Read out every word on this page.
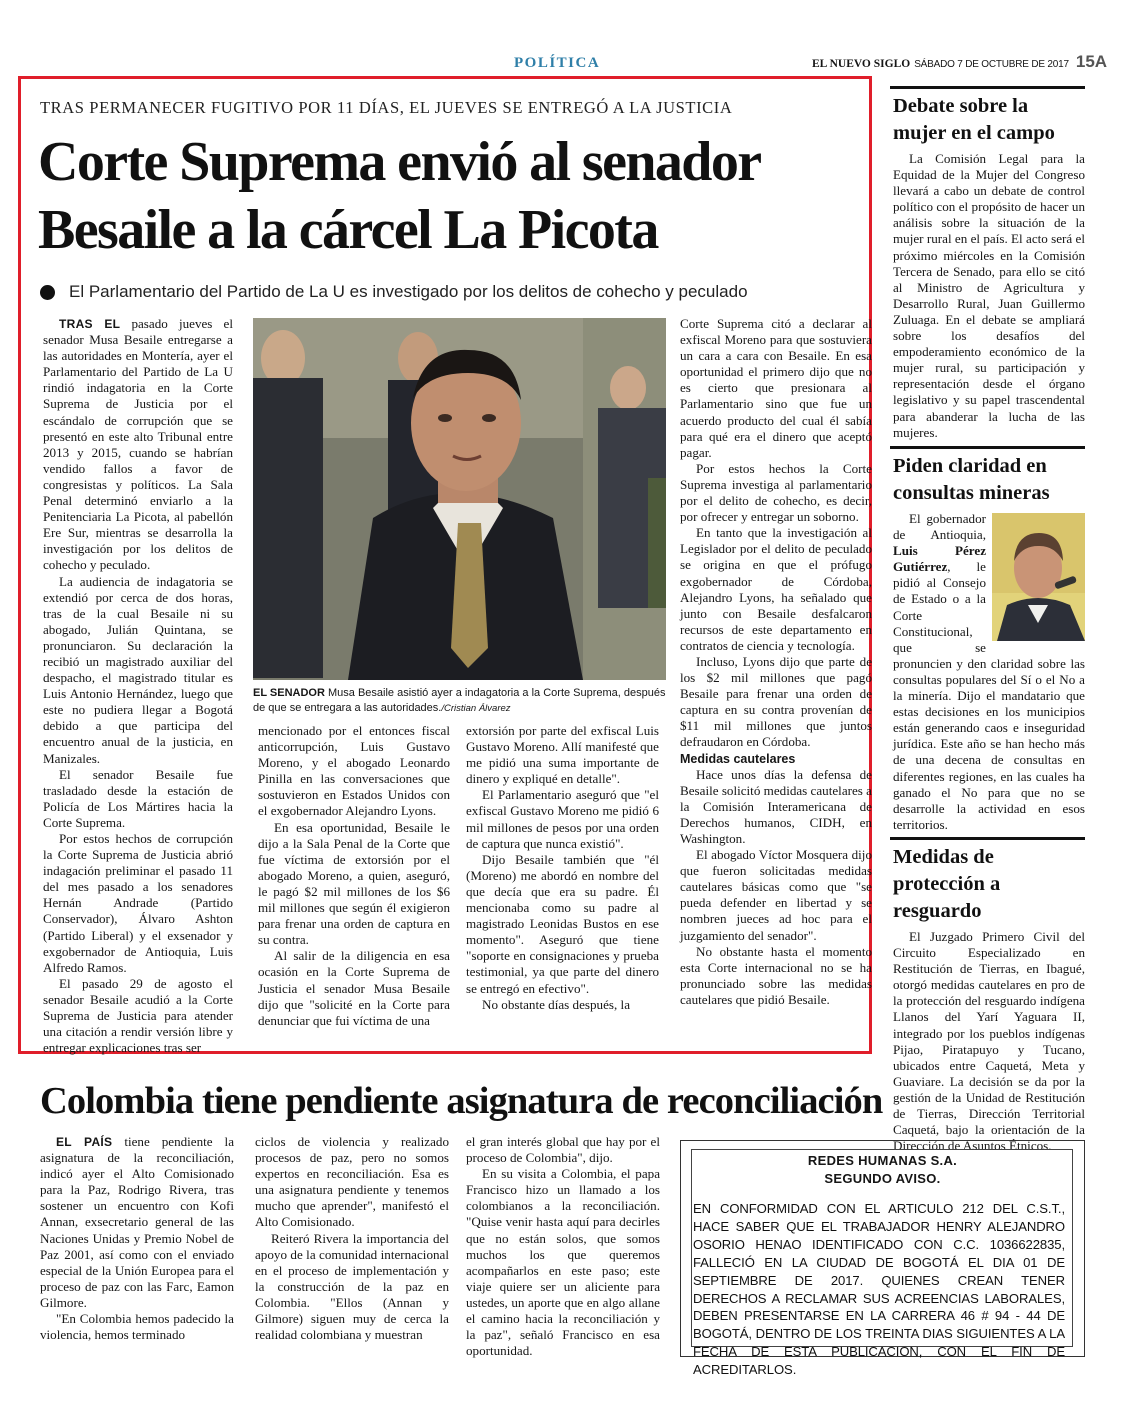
POLÍTICA	EL NUEVO SIGLO SÁBADO 7 DE OCTUBRE DE 2017 15A
TRAS PERMANECER FUGITIVO POR 11 DÍAS, EL JUEVES SE ENTREGÓ A LA JUSTICIA
Corte Suprema envió al senador
Besaile a la cárcel La Picota
El Parlamentario del Partido de La U es investigado por los delitos de cohecho y peculado

TRAS EL pasado jueves el senador Musa Besaile entregarse a las autoridades en Montería, ayer el Parlamentario del Partido de La U rindió indagatoria en la Corte Suprema de Justicia por el escándalo de corrupción que se presentó en este alto Tribunal entre 2013 y 2015, cuando se habrían vendido fallos a favor de congresistas y políticos. La Sala Penal determinó enviarlo a la Penitenciaria La Picota, al pabellón Ere Sur, mientras se desarrolla la investigación por los delitos de cohecho y peculado.

La audiencia de indagatoria se extendió por cerca de dos horas, tras de la cual Besaile ni su abogado, Julián Quintana, se pronunciaron. Su declaración la recibió un magistrado auxiliar del despacho, el magistrado titular es Luis Antonio Hernández, luego que este no pudiera llegar a Bogotá debido a que participa del encuentro anual de la justicia, en Manizales.

El senador Besaile fue trasladado desde la estación de Policía de Los Mártires hacia la Corte Suprema.

Por estos hechos de corrupción la Corte Suprema de Justicia abrió indagación preliminar el pasado 11 del mes pasado a los senadores Hernán Andrade (Partido Conservador), Álvaro Ashton (Partido Liberal) y el exsenador y exgobernador de Antioquia, Luis Alfredo Ramos.

El pasado 29 de agosto el senador Besaile acudió a la Corte Suprema de Justicia para atender una citación a rendir versión libre y entregar explicaciones tras ser

EL SENADOR Musa Besaile asistió ayer a indagatoria a la Corte Suprema, después de que se entregara a las autoridades./Cristian Álvarez

mencionado por el entonces fiscal anticorrupción, Luis Gustavo Moreno, y el abogado Leonardo Pinilla en las conversaciones que sostuvieron en Estados Unidos con el exgobernador Alejandro Lyons.

En esa oportunidad, Besaile le dijo a la Sala Penal de la Corte que fue víctima de extorsión por el abogado Moreno, a quien, aseguró, le pagó $2 mil millones de los $6 mil millones que según él exigieron para frenar una orden de captura en su contra.

Al salir de la diligencia en esa ocasión en la Corte Suprema de Justicia el senador Musa Besaile dijo que "solicité en la Corte para denunciar que fui víctima de una

extorsión por parte del exfiscal Luis Gustavo Moreno. Allí manifesté que me pidió una suma importante de dinero y expliqué en detalle".

El Parlamentario aseguró que "el exfiscal Gustavo Moreno me pidió 6 mil millones de pesos por una orden de captura que nunca existió".

Dijo Besaile también que "él (Moreno) me abordó en nombre del que decía que era su padre. Él mencionaba como su padre al magistrado Leonidas Bustos en ese momento". Aseguró que tiene "soporte en consignaciones y prueba testimonial, ya que parte del dinero se entregó en efectivo".

No obstante días después, la

Corte Suprema citó a declarar al exfiscal Moreno para que sostuviera un cara a cara con Besaile. En esa oportunidad el primero dijo que no es cierto que presionara al Parlamentario sino que fue un acuerdo producto del cual él sabía para qué era el dinero que aceptó pagar.

Por estos hechos la Corte Suprema investiga al parlamentario por el delito de cohecho, es decir, por ofrecer y entregar un soborno.

En tanto que la investigación al Legislador por el delito de peculado se origina en que el prófugo exgobernador de Córdoba, Alejandro Lyons, ha señalado que junto con Besaile desfalcaron recursos de este departamento en contratos de ciencia y tecnología.

Incluso, Lyons dijo que parte de los $2 mil millones que pagó Besaile para frenar una orden de captura en su contra provenían de $11 mil millones que juntos defraudaron en Córdoba.

Medidas cautelares

Hace unos días la defensa de Besaile solicitó medidas cautelares a la Comisión Interamericana de Derechos humanos, CIDH, en Washington.

El abogado Víctor Mosquera dijo que fueron solicitadas medidas cautelares básicas como que "se pueda defender en libertad y se nombren jueces ad hoc para el juzgamiento del senador".

No obstante hasta el momento esta Corte internacional no se ha pronunciado sobre las medidas cautelares que pidió Besaile.

Debate sobre la mujer en el campo

La Comisión Legal para la Equidad de la Mujer del Congreso llevará a cabo un debate de control político con el propósito de hacer un análisis sobre la situación de la mujer rural en el país. El acto será el próximo miércoles en la Comisión Tercera de Senado, para ello se citó al Ministro de Agricultura y Desarrollo Rural, Juan Guillermo Zuluaga. En el debate se ampliará sobre los desafíos del empoderamiento económico de la mujer rural, su participación y representación desde el órgano legislativo y su papel trascendental para abanderar la lucha de las mujeres.

Piden claridad en consultas mineras

El gobernador de Antioquia, Luis Pérez Gutiérrez, le pidió al Consejo de Estado o a la Corte Constitucional, que se pronuncien y den claridad sobre las consultas populares del Sí o el No a la minería. Dijo el mandatario que estas decisiones en los municipios están generando caos e inseguridad jurídica. Este año se han hecho más de una decena de consultas en diferentes regiones, en las cuales ha ganado el No para que no se desarrolle la actividad en esos territorios.

Medidas de protección a resguardo

El Juzgado Primero Civil del Circuito Especializado en Restitución de Tierras, en Ibagué, otorgó medidas cautelares en pro de la protección del resguardo indígena Llanos del Yarí Yaguara II, integrado por los pueblos indígenas Pijao, Piratapuyo y Tucano, ubicados entre Caquetá, Meta y Guaviare. La decisión se da por la gestión de la Unidad de Restitución de Tierras, Dirección Territorial Caquetá, bajo la orientación de la Dirección de Asuntos Étnicos.

Colombia tiene pendiente asignatura de reconciliación

EL PAÍS tiene pendiente la asignatura de la reconciliación, indicó ayer el Alto Comisionado para la Paz, Rodrigo Rivera, tras sostener un encuentro con Kofi Annan, exsecretario general de las Naciones Unidas y Premio Nobel de Paz 2001, así como con el enviado especial de la Unión Europea para el proceso de paz con las Farc, Eamon Gilmore.

"En Colombia hemos padecido la violencia, hemos terminado

ciclos de violencia y realizado procesos de paz, pero no somos expertos en reconciliación. Esa es una asignatura pendiente y tenemos mucho que aprender", manifestó el Alto Comisionado.

Reiteró Rivera la importancia del apoyo de la comunidad internacional en el proceso de implementación y la construcción de la paz en Colombia. "Ellos (Annan y Gilmore) siguen muy de cerca la realidad colombiana y muestran

el gran interés global que hay por el proceso de Colombia", dijo.

En su visita a Colombia, el papa Francisco hizo un llamado a los colombianos a la reconciliación. "Quise venir hasta aquí para decirles que no están solos, que somos muchos los que queremos acompañarlos en este paso; este viaje quiere ser un aliciente para ustedes, un aporte que en algo allane el camino hacia la reconciliación y la paz", señaló Francisco en esa oportunidad.

REDES HUMANAS S.A.
SEGUNDO AVISO.
EN CONFORMIDAD CON EL ARTICULO 212 DEL C.S.T., HACE SABER QUE EL TRABAJADOR HENRY ALEJANDRO OSORIO HENAO IDENTIFICADO CON C.C. 1036622835, FALLECIÓ EN LA CIUDAD DE BOGOTÁ EL DIA 01 DE SEPTIEMBRE DE 2017. QUIENES CREAN TENER DERECHOS A RECLAMAR SUS ACREENCIAS LABORALES, DEBEN PRESENTARSE EN LA CARRERA 46 # 94 - 44 DE BOGOTÁ, DENTRO DE LOS TREINTA DIAS SIGUIENTES A LA FECHA DE ESTA PUBLICACION, CON EL FIN DE ACREDITARLOS.
